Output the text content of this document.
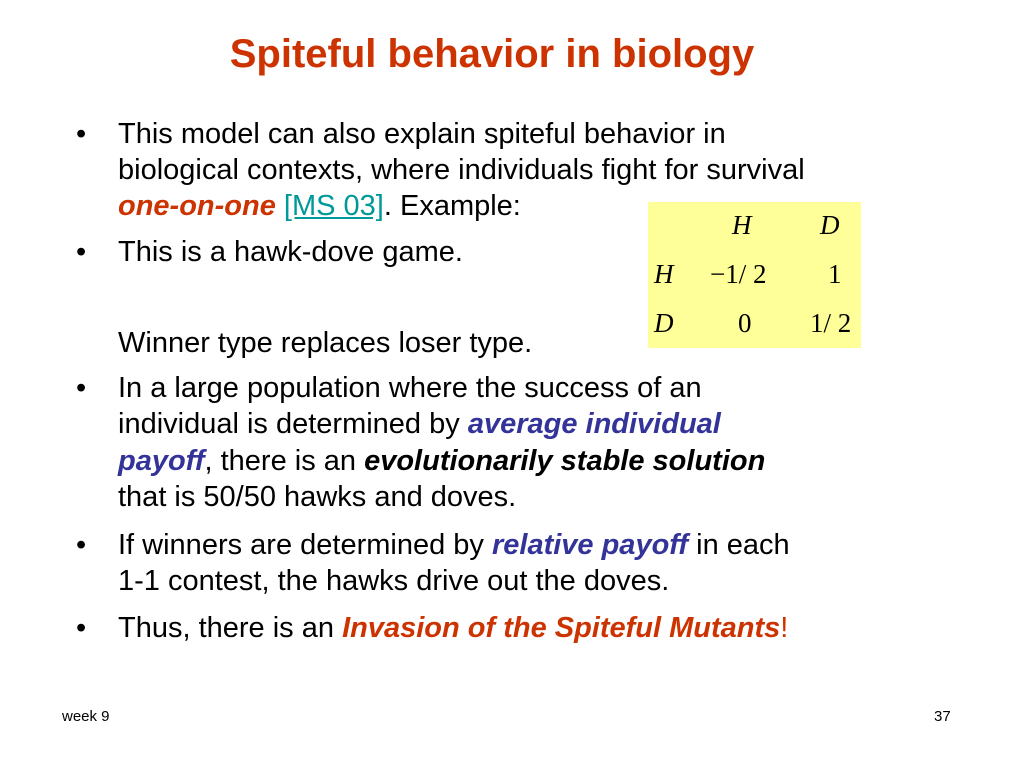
Spiteful behavior in biology
• This model can also explain spiteful behavior in
biological contexts, where individuals fight for survival
one-on-one [MS 03]. Example:
• This is a hawk-dove game.
Winner type replaces loser type.
• In a large population where the success of an
individual is determined by average individual
payoff, there is an evolutionarily stable solution
that is 50/50 hawks and doves.
• If winners are determined by relative payoff in each
1-1 contest, the hawks drive out the doves.
• Thus, there is an Invasion of the Spiteful Mutants!
H	D
H −1/ 2 1
D 0 1/ 2
week 9	37
